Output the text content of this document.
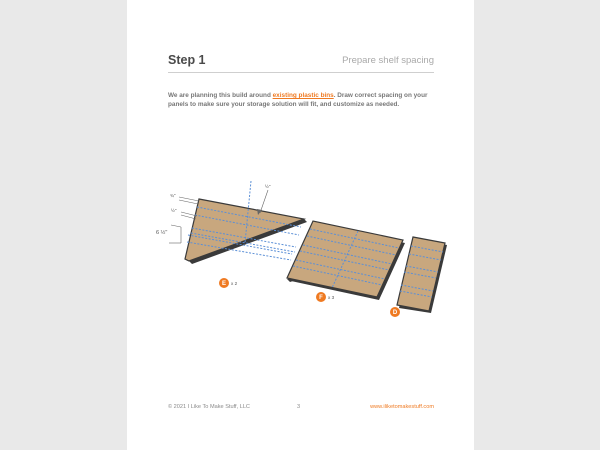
Step 1	Prepare shelf spacing
We are planning this build around existing plastic bins. Draw correct spacing on your panels to make sure your storage solution will fit, and customize as needed.
¾"
½"
6 ½"
½"
E x 2
F x 3
D
© 2021 I Like To Make Stuff, LLC	3	www.iliketomakestuff.com
